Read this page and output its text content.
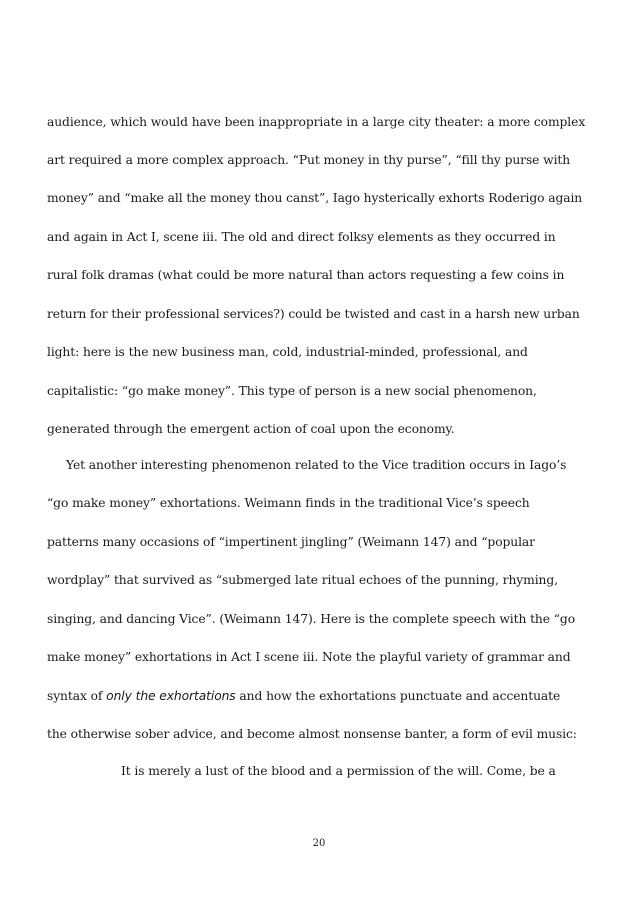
audience, which would have been inappropriate in a large city theater: a more complex
art required a more complex approach. “Put money in thy purse”, “fill thy purse with
money” and “make all the money thou canst”, Iago hysterically exhorts Roderigo again
and again in Act I, scene iii. The old and direct folksy elements as they occurred in
rural folk dramas (what could be more natural than actors requesting a few coins in
return for their professional services?) could be twisted and cast in a harsh new urban
light: here is the new business man, cold, industrial-minded, professional, and
capitalistic: “go make money”. This type of person is a new social phenomenon,
generated through the emergent action of coal upon the economy.
Yet another interesting phenomenon related to the Vice tradition occurs in Iago’s
“go make money” exhortations. Weimann finds in the traditional Vice’s speech
patterns many occasions of “impertinent jingling” (Weimann 147) and “popular
wordplay” that survived as “submerged late ritual echoes of the punning, rhyming,
singing, and dancing Vice”. (Weimann 147). Here is the complete speech with the “go
make money” exhortations in Act I scene iii. Note the playful variety of grammar and
syntax of only the exhortations and how the exhortations punctuate and accentuate
the otherwise sober advice, and become almost nonsense banter, a form of evil music:
It is merely a lust of the blood and a permission of the will. Come, be a
20
